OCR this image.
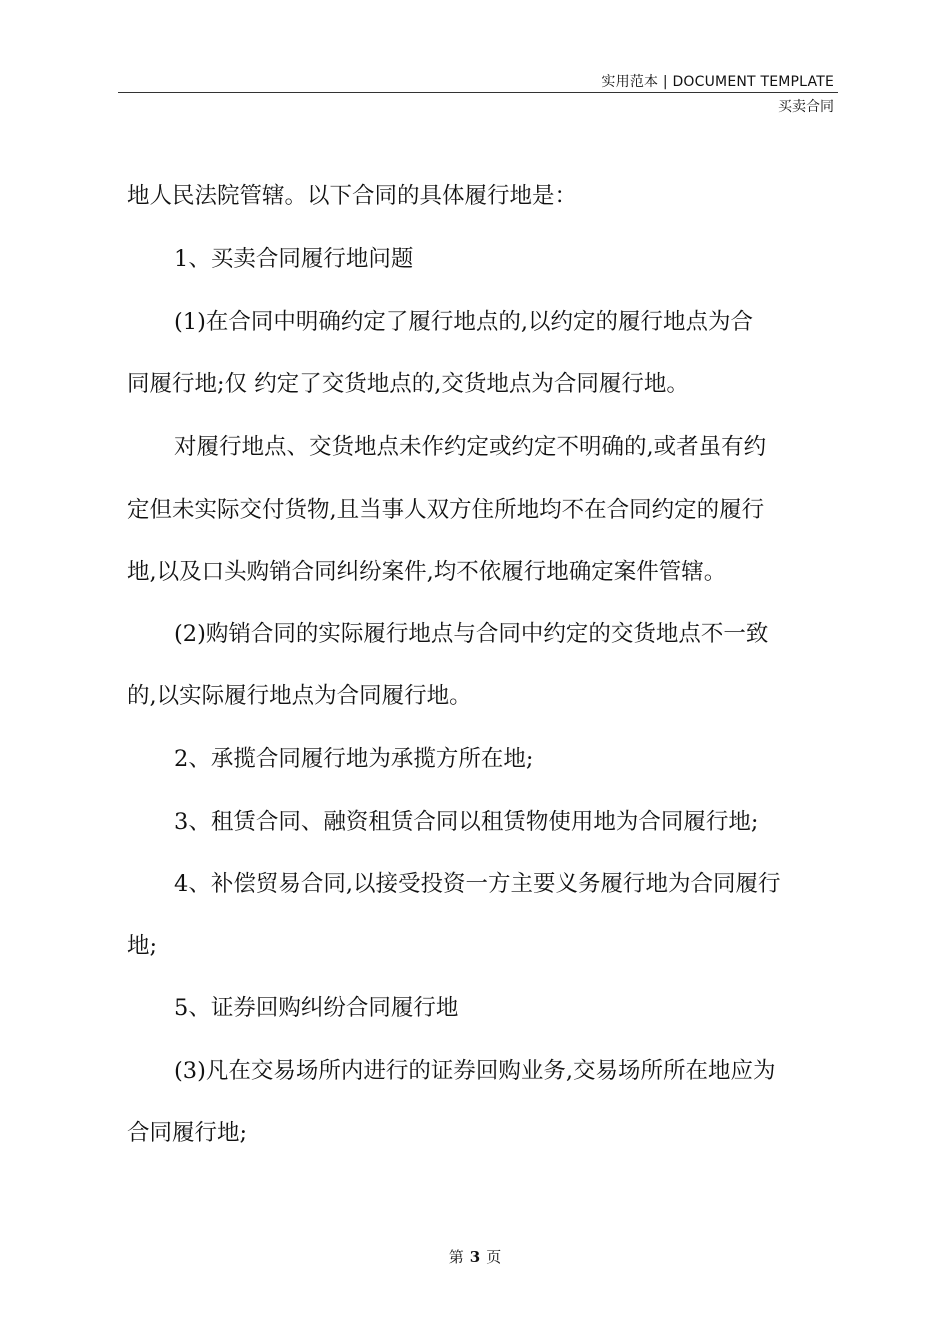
实用范本 | DOCUMENT TEMPLATE
买卖合同
地人民法院管辖。以下合同的具体履行地是：
1、买卖合同履行地问题
(1)在合同中明确约定了履行地点的,以约定的履行地点为合
同履行地;仅 约定了交货地点的,交货地点为合同履行地。
对履行地点、交货地点未作约定或约定不明确的,或者虽有约
定但未实际交付货物,且当事人双方住所地均不在合同约定的履行
地,以及口头购销合同纠纷案件,均不依履行地确定案件管辖。
(2)购销合同的实际履行地点与合同中约定的交货地点不一致
的,以实际履行地点为合同履行地。
2、承揽合同履行地为承揽方所在地;
3、租赁合同、融资租赁合同以租赁物使用地为合同履行地;
4、补偿贸易合同,以接受投资一方主要义务履行地为合同履行
地;
5、证券回购纠纷合同履行地
(3)凡在交易场所内进行的证券回购业务,交易场所所在地应为
合同履行地;
第 3 页
